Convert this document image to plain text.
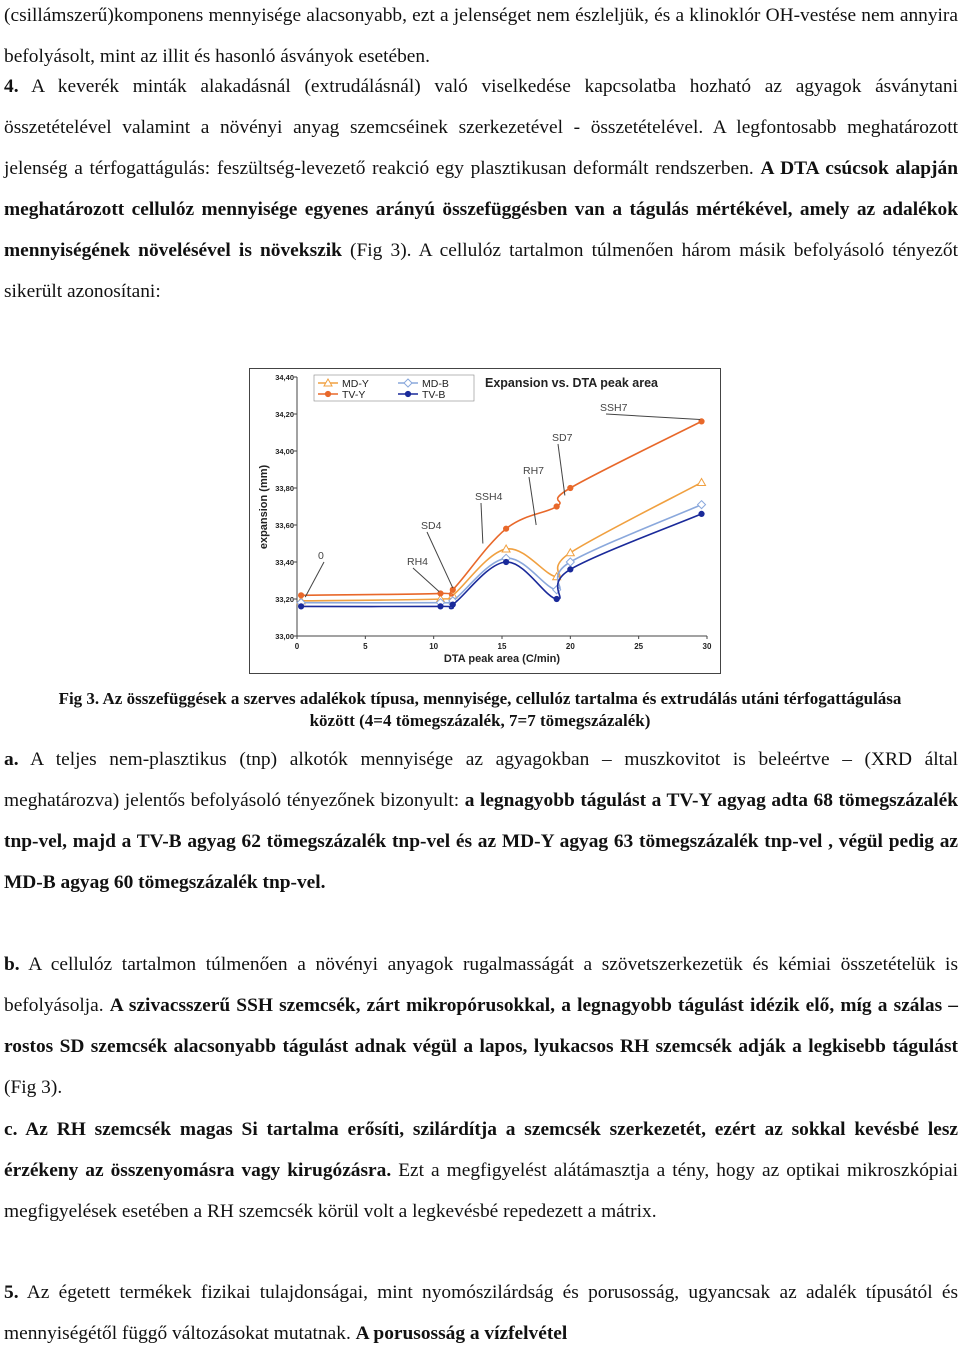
(csillámszerű)komponens mennyisége alacsonyabb, ezt a jelenséget nem észleljük, és a klinoklór OH-vestése nem annyira befolyásolt, mint az illit és hasonló ásványok esetében.
4. A keverék minták alakadásnál (extrudálásnál) való viselkedése kapcsolatba hozható az agyagok ásványtani összetételével valamint a növényi anyag szemcséinek szerkezetével - összetételével. A legfontosabb meghatározott jelenség a térfogattágulás: feszültség-levezető reakció egy plasztikusan deformált rendszerben. A DTA csúcsok alapján meghatározott cellulóz mennyisége egyenes arányú összefüggésben van a tágulás mértékével, amely az adalékok mennyiségének növelésével is növekszik (Fig 3). A cellulóz tartalmon túlmenően három másik befolyásoló tényezőt sikerült azonosítani:
33,00
33,20
33,40
33,60
33,80
34,00
34,20
34,40
0	5	10	15	20	25	30
DTA peak area (C/min)
expansion (mm)
Expansion vs. DTA peak area
MD-Y	MD-B
TV-Y	TV-B
0	RH4
SD4
SSH4
RH7
SD7
SSH7
Fig 3. Az összefüggések a szerves adalékok típusa, mennyisége, cellulóz tartalma és extrudálás utáni térfogattágulása között (4=4 tömegszázalék, 7=7 tömegszázalék)
a. A teljes nem-plasztikus (tnp) alkotók mennyisége az agyagokban – muszkovitot is beleértve – (XRD által meghatározva) jelentős befolyásoló tényezőnek bizonyult: a legnagyobb tágulást a TV-Y agyag adta 68 tömegszázalék tnp-vel, majd a TV-B agyag 62 tömegszázalék tnp-vel és az MD-Y agyag 63 tömegszázalék tnp-vel , végül pedig az MD-B agyag 60 tömegszázalék tnp-vel.
b. A cellulóz tartalmon túlmenően a növényi anyagok rugalmasságát a szövetszerkezetük és kémiai összetételük is befolyásolja. A szivacsszerű SSH szemcsék, zárt mikropórusokkal, a legnagyobb tágulást idézik elő, míg a szálas – rostos SD szemcsék alacsonyabb tágulást adnak végül a lapos, lyukacsos RH szemcsék adják a legkisebb tágulást (Fig 3).
c. Az RH szemcsék magas Si tartalma erősíti, szilárdítja a szemcsék szerkezetét, ezért az sokkal kevésbé lesz érzékeny az összenyomásra vagy kirugózásra. Ezt a megfigyelést alátámasztja a tény, hogy az optikai mikroszkópiai megfigyelések esetében a RH szemcsék körül volt a legkevésbé repedezett a mátrix.
5. Az égetett termékek fizikai tulajdonságai, mint nyomószilárdság és porusosság, ugyancsak az adalék típusától és mennyiségétől függő változásokat mutatnak. A porusosság a vízfelvétel
